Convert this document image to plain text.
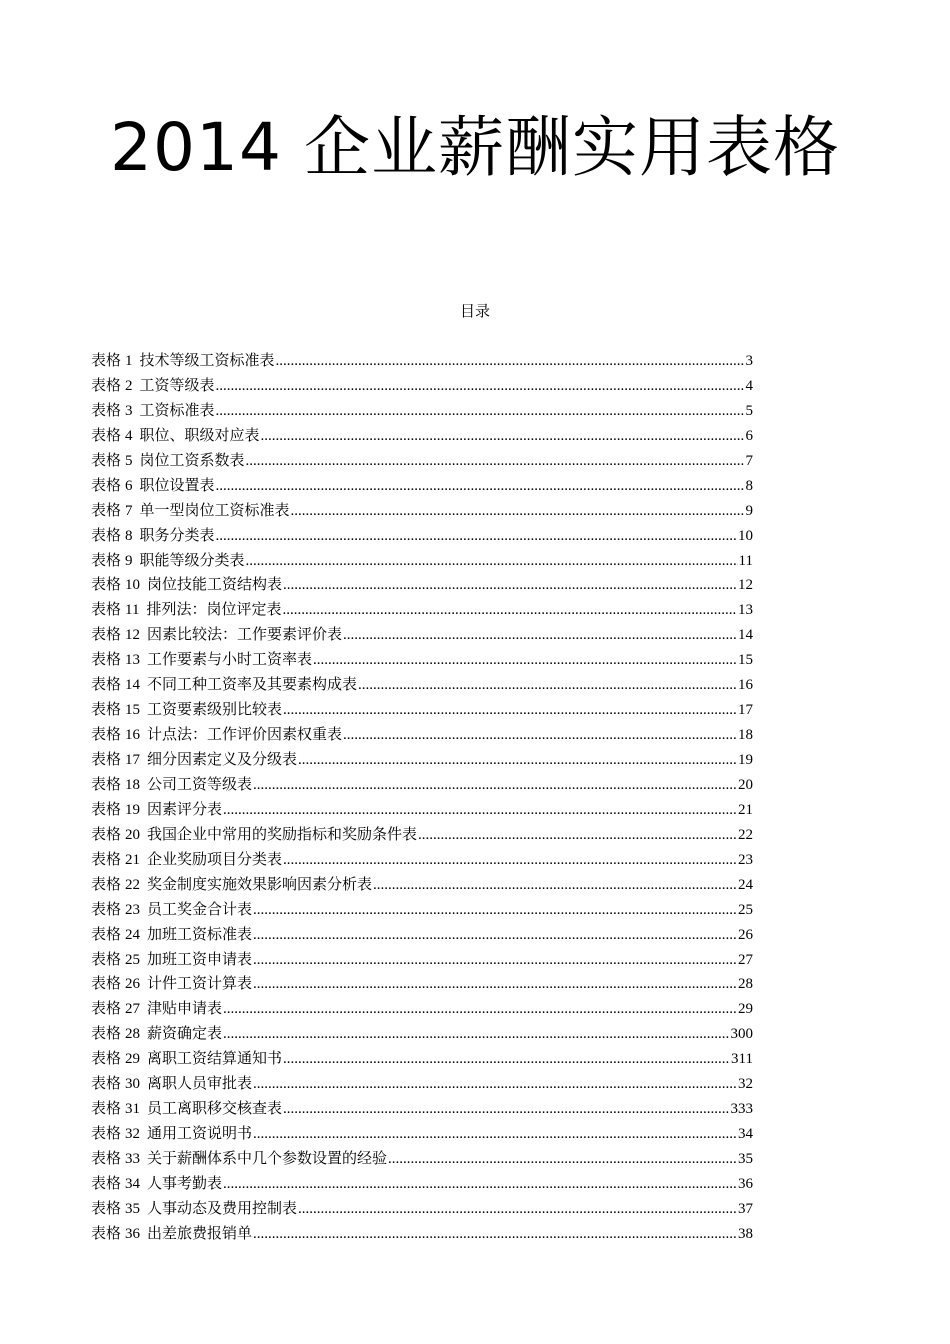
2014 企业薪酬实用表格
目录
表格 1 技术等级工资标准表 .....	3
表格 2 工资等级表 .....	4
表格 3 工资标准表 .....	5
表格 4 职位、职级对应表 .....	6
表格 5 岗位工资系数表 .....	7
表格 6 职位设置表 .....	8
表格 7 单一型岗位工资标准表 .....	9
表格 8 职务分类表 .....	10
表格 9 职能等级分类表 .....	11
表格 10 岗位技能工资结构表 .....	12
表格 11 排列法：岗位评定表 .....	13
表格 12 因素比较法：工作要素评价表 .....	14
表格 13 工作要素与小时工资率表 .....	15
表格 14 不同工种工资率及其要素构成表 .....	16
表格 15 工资要素级别比较表 .....	17
表格 16 计点法：工作评价因素权重表 .....	18
表格 17 细分因素定义及分级表 .....	19
表格 18 公司工资等级表 .....	20
表格 19 因素评分表 .....	21
表格 20 我国企业中常用的奖励指标和奖励条件表 .....	22
表格 21 企业奖励项目分类表 .....	23
表格 22 奖金制度实施效果影响因素分析表 .....	24
表格 23 员工奖金合计表 .....	25
表格 24 加班工资标准表 .....	26
表格 25 加班工资申请表 .....	27
表格 26 计件工资计算表 .....	28
表格 27 津贴申请表 .....	29
表格 28 薪资确定表 .....	300
表格 29 离职工资结算通知书 .....	311
表格 30 离职人员审批表 .....	32
表格 31 员工离职移交核查表 .....	333
表格 32 通用工资说明书 .....	34
表格 33 关于薪酬体系中几个参数设置的经验 .....	35
表格 34 人事考勤表 .....	36
表格 35 人事动态及费用控制表 .....	37
表格 36 出差旅费报销单 .....	38
